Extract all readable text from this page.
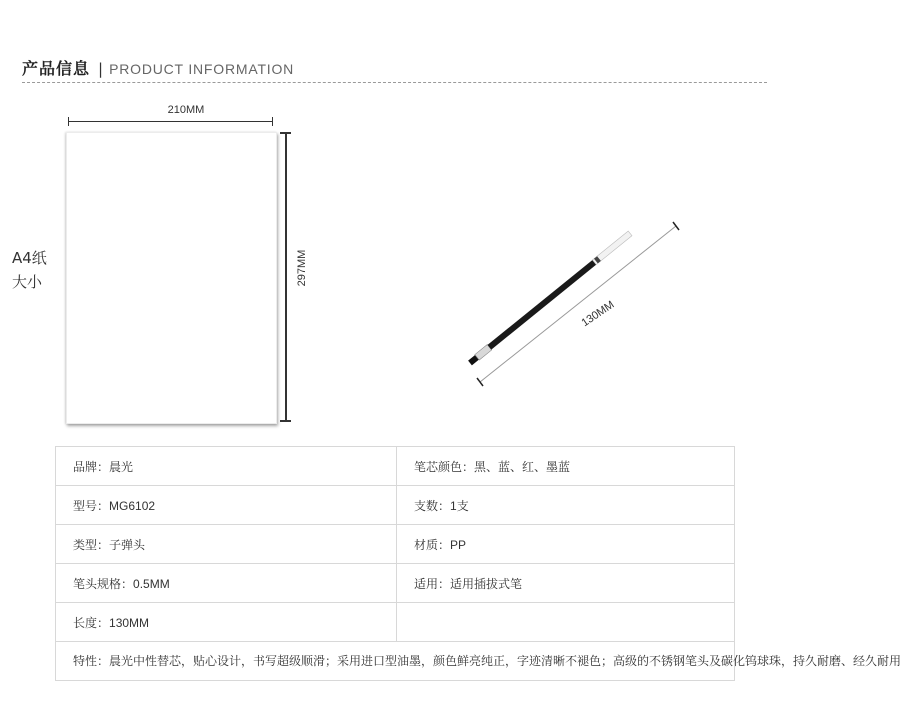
产品信息 | PRODUCT INFORMATION
A4纸
大小
210MM
297MM
130MM
品牌：晨光	笔芯颜色：黑、蓝、红、墨蓝
型号：MG6102	支数：1支
类型：子弹头	材质：PP
笔头规格：0.5MM	适用：适用插拔式笔
长度：130MM	

特性： 晨光中性替芯，贴心设计，书写超级顺滑；采用进口型油墨，颜色鲜亮纯正，字迹清晰不褪色；高级的不锈钢笔头及碳化钨球珠，持久耐磨、经久耐用	
